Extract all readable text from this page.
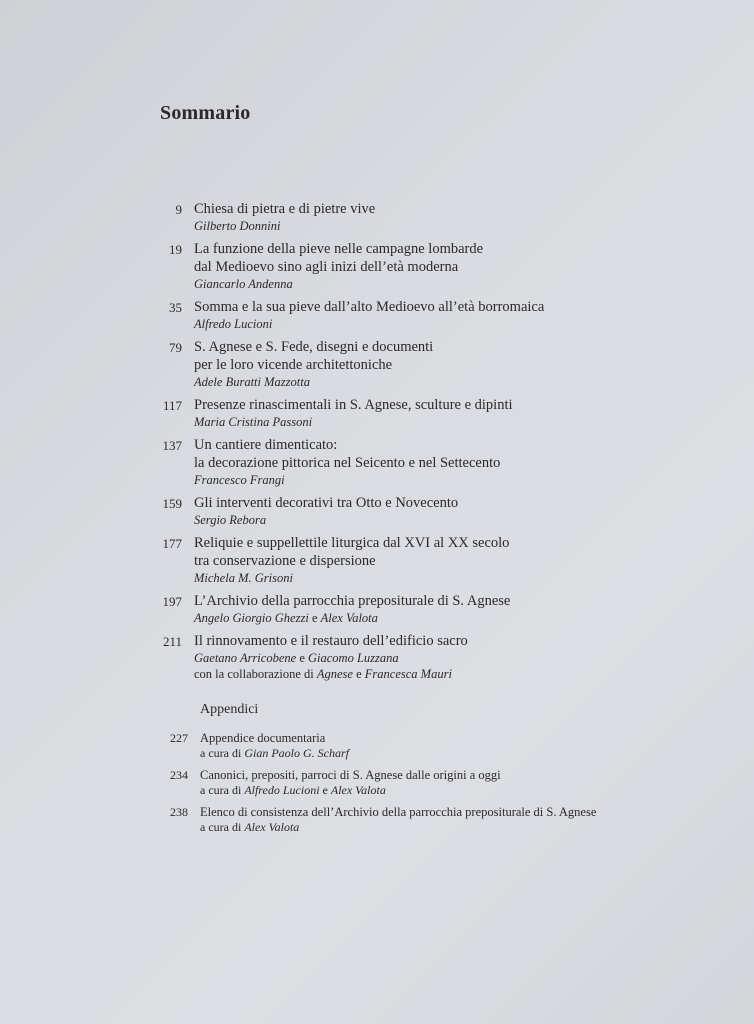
Sommario
9 Chiesa di pietra e di pietre vive
Gilberto Donnini
19 La funzione della pieve nelle campagne lombarde
dal Medioevo sino agli inizi dell’età moderna
Giancarlo Andenna
35 Somma e la sua pieve dall’alto Medioevo all’età borromaica
Alfredo Lucioni
79 S. Agnese e S. Fede, disegni e documenti
per le loro vicende architettoniche
Adele Buratti Mazzotta
117 Presenze rinascimentali in S. Agnese, sculture e dipinti
Maria Cristina Passoni
137 Un cantiere dimenticato:
la decorazione pittorica nel Seicento e nel Settecento
Francesco Frangi
159 Gli interventi decorativi tra Otto e Novecento
Sergio Rebora
177 Reliquie e suppellettile liturgica dal XVI al XX secolo
tra conservazione e dispersione
Michela M. Grisoni
197 L’Archivio della parrocchia prepositurale di S. Agnese
Angelo Giorgio Ghezzi e Alex Valota
211 Il rinnovamento e il restauro dell’edificio sacro
Gaetano Arricobene e Giacomo Luzzana
con la collaborazione di Agnese e Francesca Mauri
Appendici
227 Appendice documentaria
a cura di Gian Paolo G. Scharf
234 Canonici, prepositi, parroci di S. Agnese dalle origini a oggi
a cura di Alfredo Lucioni e Alex Valota
238 Elenco di consistenza dell’Archivio della parrocchia prepositurale di S. Agnese
a cura di Alex Valota
